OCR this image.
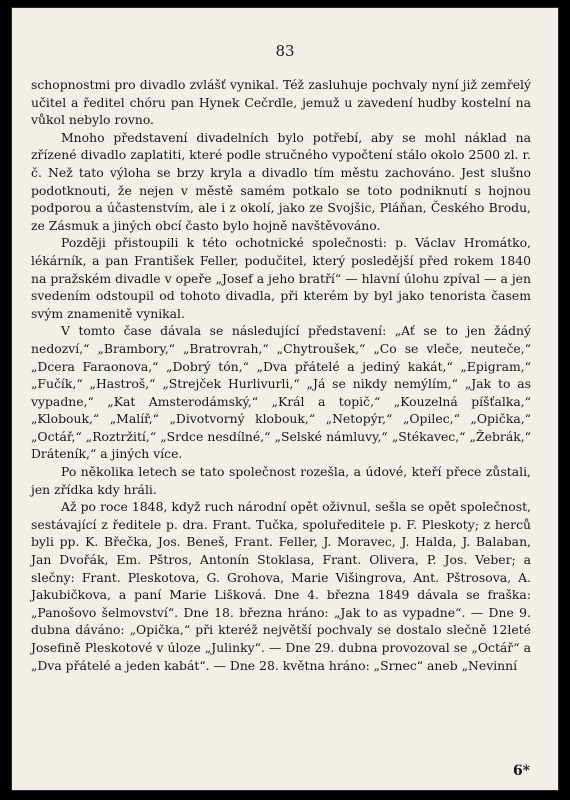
83

schopnostmi pro divadlo zvlášť vynikal. Též zasluhuje pochvaly nyní již zemřelý učitel a ředitel chóru pan Hynek Cečrdle, jemuž u zavedení hudby kostelní na vůkol nebylo rovno.

Mnoho představení divadelních bylo potřebí, aby se mohl náklad na zřízené divadlo zaplatiti, které podle stručného vypočtení stálo okolo 2500 zl. r. č. Než tato výloha se brzy kryla a divadlo tím městu zachováno. Jest slušno podotknouti, že nejen v městě samém potkalo se toto podniknutí s hojnou podporou a účastenstvím, ale i z okolí, jako ze Svojšic, Pláňan, Českého Brodu, ze Zásmuk a jiných obcí často bylo hojně navštěvováno.

Později přistoupili k této ochotnické společnosti: p. Václav Hromátko, lékárník, a pan František Feller, podučitel, který posledější před rokem 1840 na pražském divadle v opeře „Josef a jeho bratří“ — hlavní úlohu zpíval — a jen svedením odstoupil od tohoto divadla, při kterém by byl jako tenorista časem svým znamenitě vynikal.

V tomto čase dávala se následující představení: „Ať se to jen žádný nedozví,“ „Brambory,“ „Bratrovrah,“ „Chytroušek,“ „Co se vleče, neuteče,“ „Dcera Faraonova,“ „Dobrý tón,“ „Dva přátelé a jediný kakát,“ „Epigram,“ „Fučík,“ „Hastroš,“ „Strejček Hurlivurli,“ „Já se nikdy nemýlím,“ „Jak to as vypadne,“ „Kat Amsterodámský,“ „Král a topič,“ „Kouzelná píšťalka,“ „Klobouk,“ „Malíř,“ „Divotvorný klobouk,“ „Netopýr,“ „Opilec,“ „Opička,“ „Octář,“ „Roztržití,“ „Srdce nesdílné,“ „Selské námluvy,“ „Stékavec,“ „Žebrák,“ Dráteník,“ a jiných více.

Po několika letech se tato společnost rozešla, a údové, kteří přece zůstali, jen zřídka kdy hráli.

Až po roce 1848, když ruch národní opět oživnul, sešla se opět společnost, sestávající z ředitele p. dra. Frant. Tučka, spoluředitele p. F. Pleskoty; z herců byli pp. K. Břečka, Jos. Beneš, Frant. Feller, J. Moravec, J. Halda, J. Balaban, Jan Dvořák, Em. Pštros, Antonín Stoklasa, Frant. Olivera, P. Jos. Veber; a slečny: Frant. Pleskotova, G. Grohova, Marie Višingrova, Ant. Pštrosova, A. Jakubičkova, a paní Marie Lišková. Dne 4. března 1849 dávala se fraška: „Panošovo šelmovství“. Dne 18. března hráno: „Jak to as vypadne“. — Dne 9. dubna dáváno: „Opička,“ při kteréž největší pochvaly se dostalo slečně 12leté Josefině Pleskotové v úloze „Julinky“. — Dne 29. dubna provozoval se „Octář“ a „Dva přátelé a jeden kabát“. — Dne 28. května hráno: „Srnec“ aneb „Nevinní

6*
